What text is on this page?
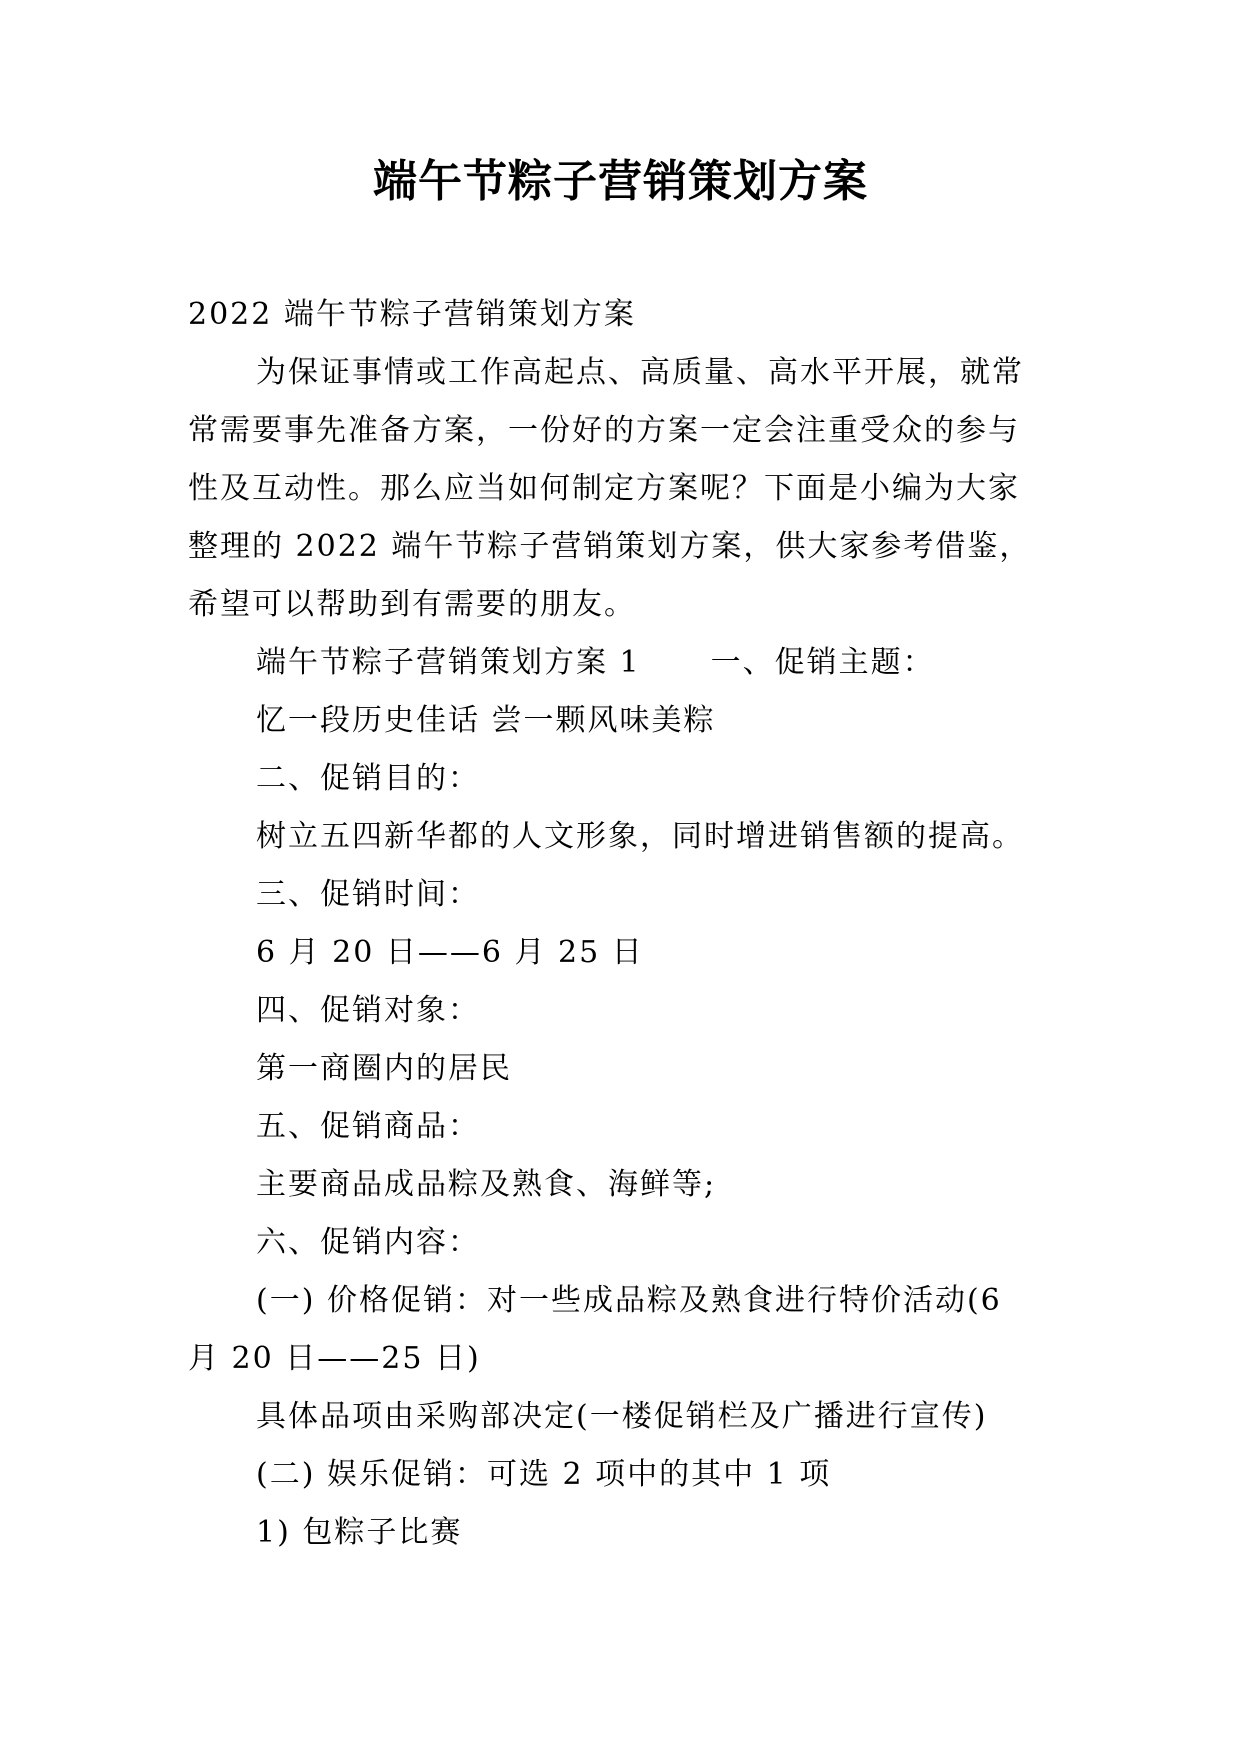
端午节粽子营销策划方案
2022 端午节粽子营销策划方案
为保证事情或工作高起点、高质量、高水平开展，就常
常需要事先准备方案，一份好的方案一定会注重受众的参与
性及互动性。那么应当如何制定方案呢？下面是小编为大家
整理的 2022 端午节粽子营销策划方案，供大家参考借鉴，
希望可以帮助到有需要的朋友。
端午节粽子营销策划方案 1 一、促销主题：
忆一段历史佳话 尝一颗风味美粽
二、促销目的：
树立五四新华都的人文形象，同时增进销售额的提高。
三、促销时间：
6 月 20 日——6 月 25 日
四、促销对象：
第一商圈内的居民
五、促销商品：
主要商品成品粽及熟食、海鲜等;
六、促销内容：
(一) 价格促销：对一些成品粽及熟食进行特价活动(6
月 20 日——25 日)
具体品项由采购部决定(一楼促销栏及广播进行宣传)
(二) 娱乐促销：可选 2 项中的其中 1 项
1) 包粽子比赛
